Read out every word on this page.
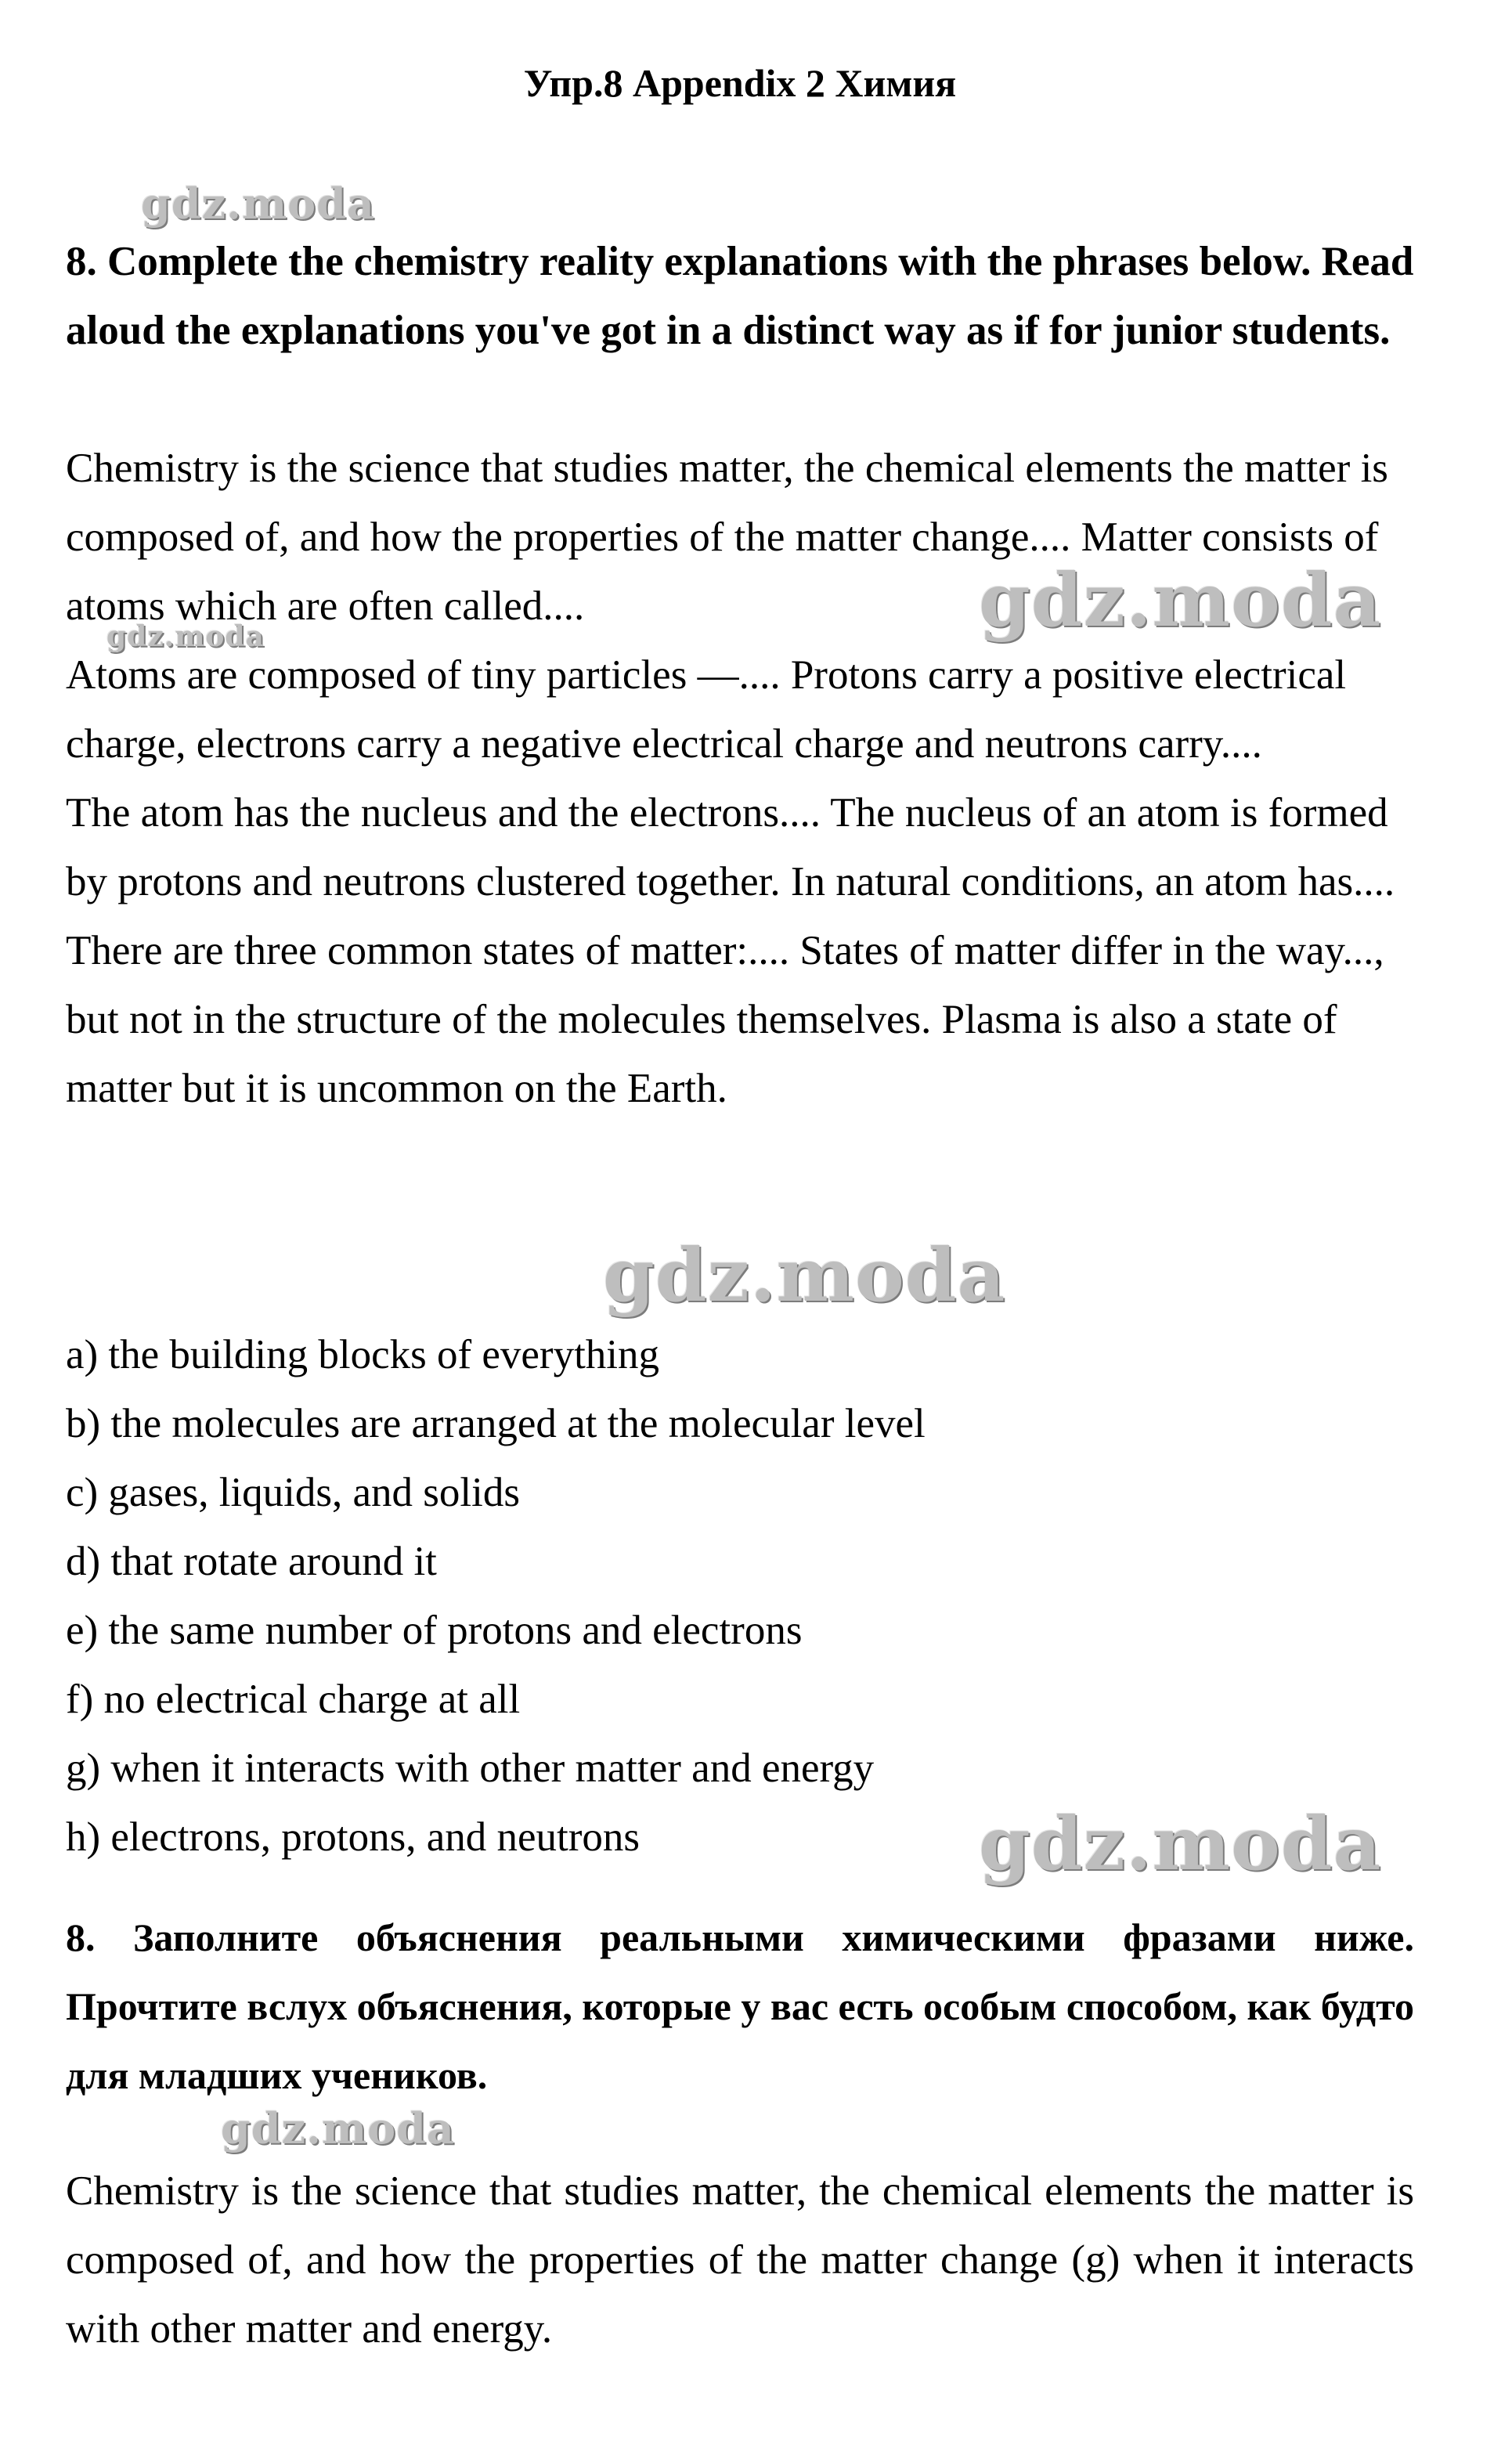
Упр.8 Appendix 2 Химия

8. Complete the chemistry reality explanations with the phrases below. Read aloud the explanations you've got in a distinct way as if for junior students.

Chemistry is the science that studies matter, the chemical elements the matter is composed of, and how the properties of the matter change.... Matter consists of atoms which are often called....

Atoms are composed of tiny particles —.... Protons carry a positive electrical charge, electrons carry a negative electrical charge and neutrons carry....

The atom has the nucleus and the electrons.... The nucleus of an atom is formed by protons and neutrons clustered together. In natural conditions, an atom has....

There are three common states of matter:.... States of matter differ in the way..., but not in the structure of the molecules themselves. Plasma is also a state of matter but it is uncommon on the Earth.

a) the building blocks of everything
b) the molecules are arranged at the molecular level
c) gases, liquids, and solids
d) that rotate around it
e) the same number of protons and electrons
f) no electrical charge at all
g) when it interacts with other matter and energy
h) electrons, protons, and neutrons

8. Заполните объяснения реальными химическими фразами ниже. Прочтите вслух объяснения, которые у вас есть особым способом, как будто для младших учеников.

Chemistry is the science that studies matter, the chemical elements the matter is composed of, and how the properties of the matter change (g) when it interacts with other matter and energy.

gdz.moda
gdz.moda
gdz.moda
gdz.moda
gdz.moda
gdz.moda
